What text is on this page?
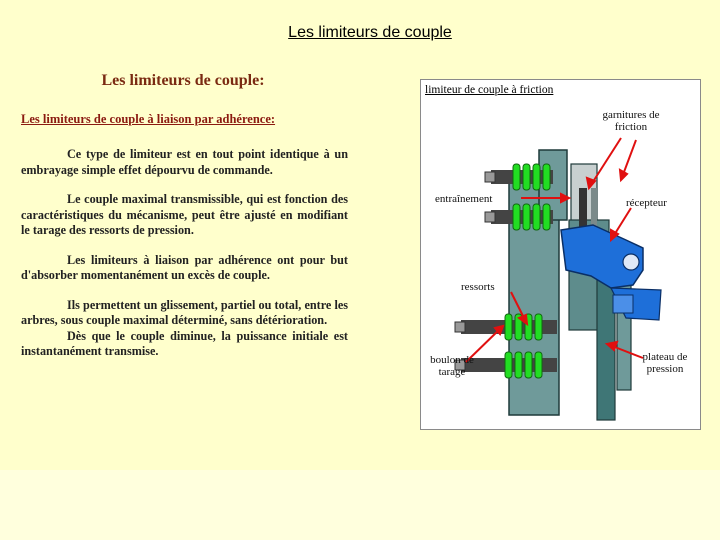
Les limiteurs de couple
Les limiteurs de couple:
Les limiteurs de couple à liaison par adhérence:

Ce type de limiteur est en tout point identique à un embrayage simple effet dépourvu de commande.

Le couple maximal transmissible, qui est fonction des caractéristiques du mécanisme, peut être ajusté en modifiant le tarage des ressorts de pression.

Les limiteurs à liaison par adhérence ont pour but d'absorber momentanément un excès de couple.

Ils permettent un glissement, partiel ou total, entre les arbres, sous couple maximal déterminé, sans détérioration.

Dès que le couple diminue, la puissance initiale est instantanément transmise.

limiteur de couple à friction
garnitures de friction
entraînement	récepteur
ressorts
boulon de tarage
plateau de pression
